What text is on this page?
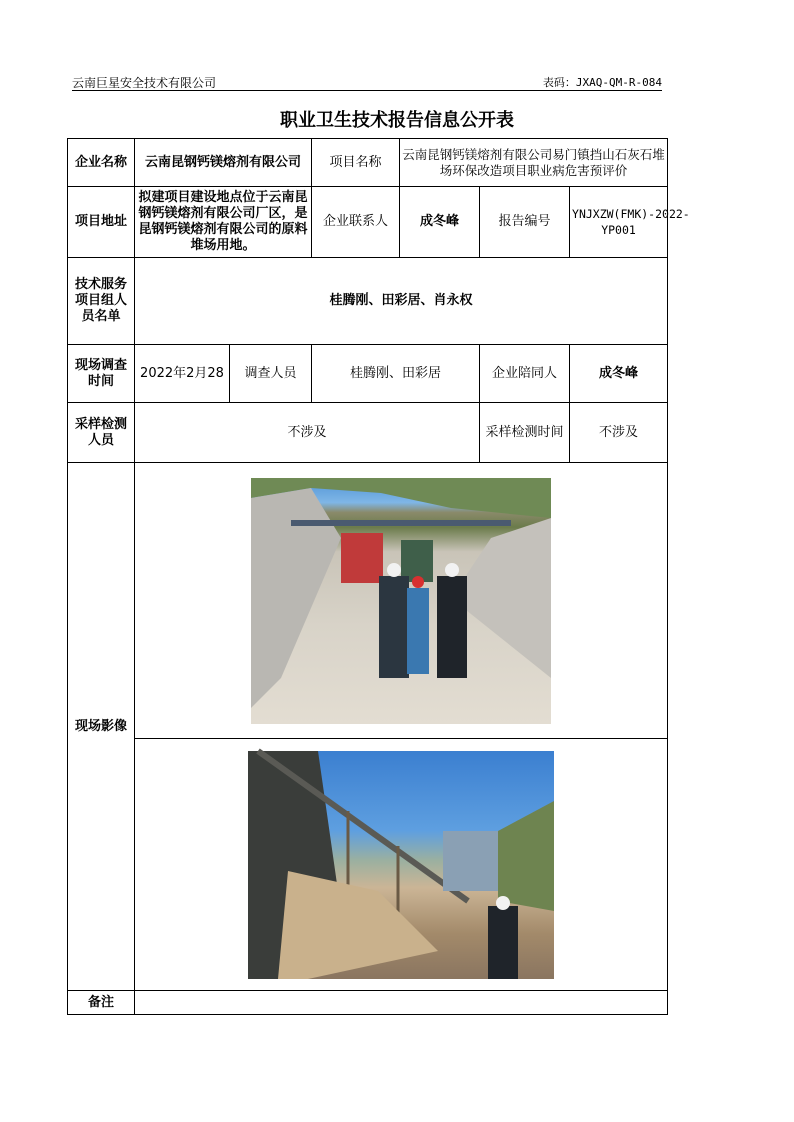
云南巨星安全技术有限公司	表码：JXAQ-QM-R-084
职业卫生技术报告信息公开表
企业名称	云南昆钢钙镁熔剂有限公司		项目名称	云南昆钢钙镁熔剂有限公司易门镇挡山石灰石堆场环保改造项目职业病危害预评价		
项目地址	拟建项目建设地点位于云南昆钢钙镁熔剂有限公司厂区，是昆钢钙镁熔剂有限公司的原料堆场用地。		企业联系人	成冬峰	报告编号	YNJXZW(FMK)-2022-YP001
技术服务项目组人员名单	桂腾刚、田彩居、肖永权					
现场调查时间	2022年2月28	调查人员	桂腾刚、田彩居		企业陪同人	成冬峰
采样检测人员	不涉及				采样检测时间	不涉及
现场影像	

备注						
